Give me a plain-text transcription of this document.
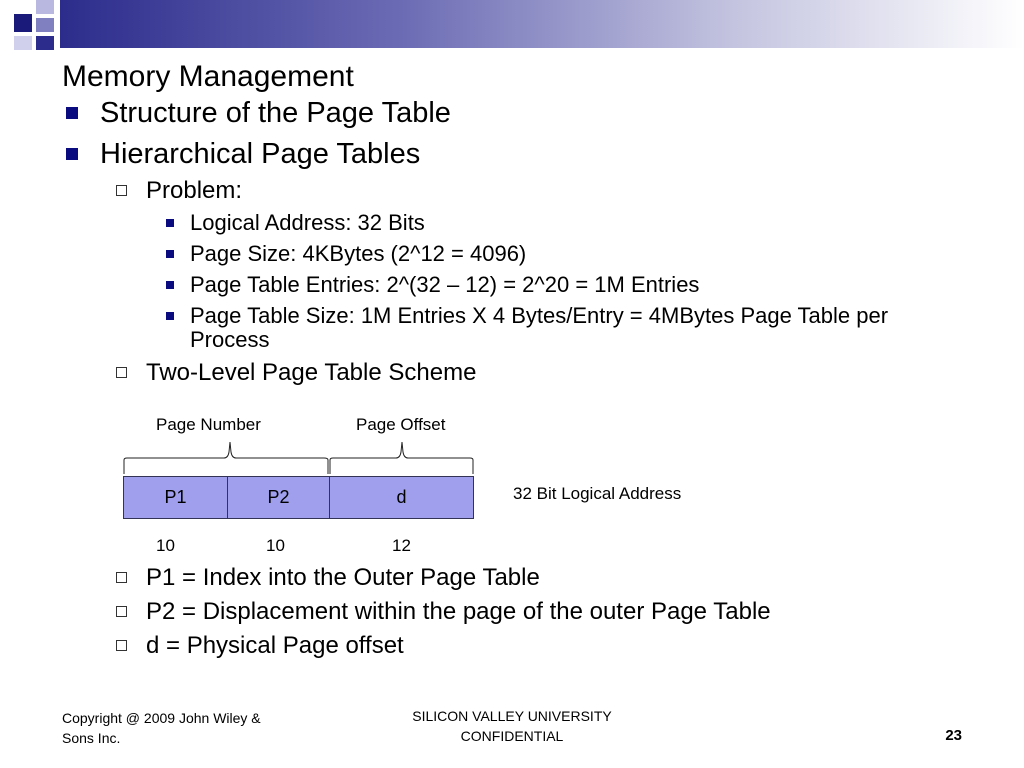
Memory Management
Structure of the Page Table
Hierarchical Page Tables
Problem:
Logical Address: 32 Bits
Page Size: 4KBytes (2^12 = 4096)
Page Table Entries: 2^(32 – 12) = 2^20 = 1M Entries
Page Table Size: 1M Entries X 4 Bytes/Entry = 4MBytes Page Table per Process
Two-Level Page Table Scheme
Page Number	Page Offset
P1	P2	d	32 Bit Logical Address
10	10	12
P1 = Index into the Outer Page Table
P2 = Displacement within the page of the outer Page Table
d = Physical Page offset
Copyright @ 2009 John Wiley & Sons Inc.
SILICON VALLEY UNIVERSITY CONFIDENTIAL	23
